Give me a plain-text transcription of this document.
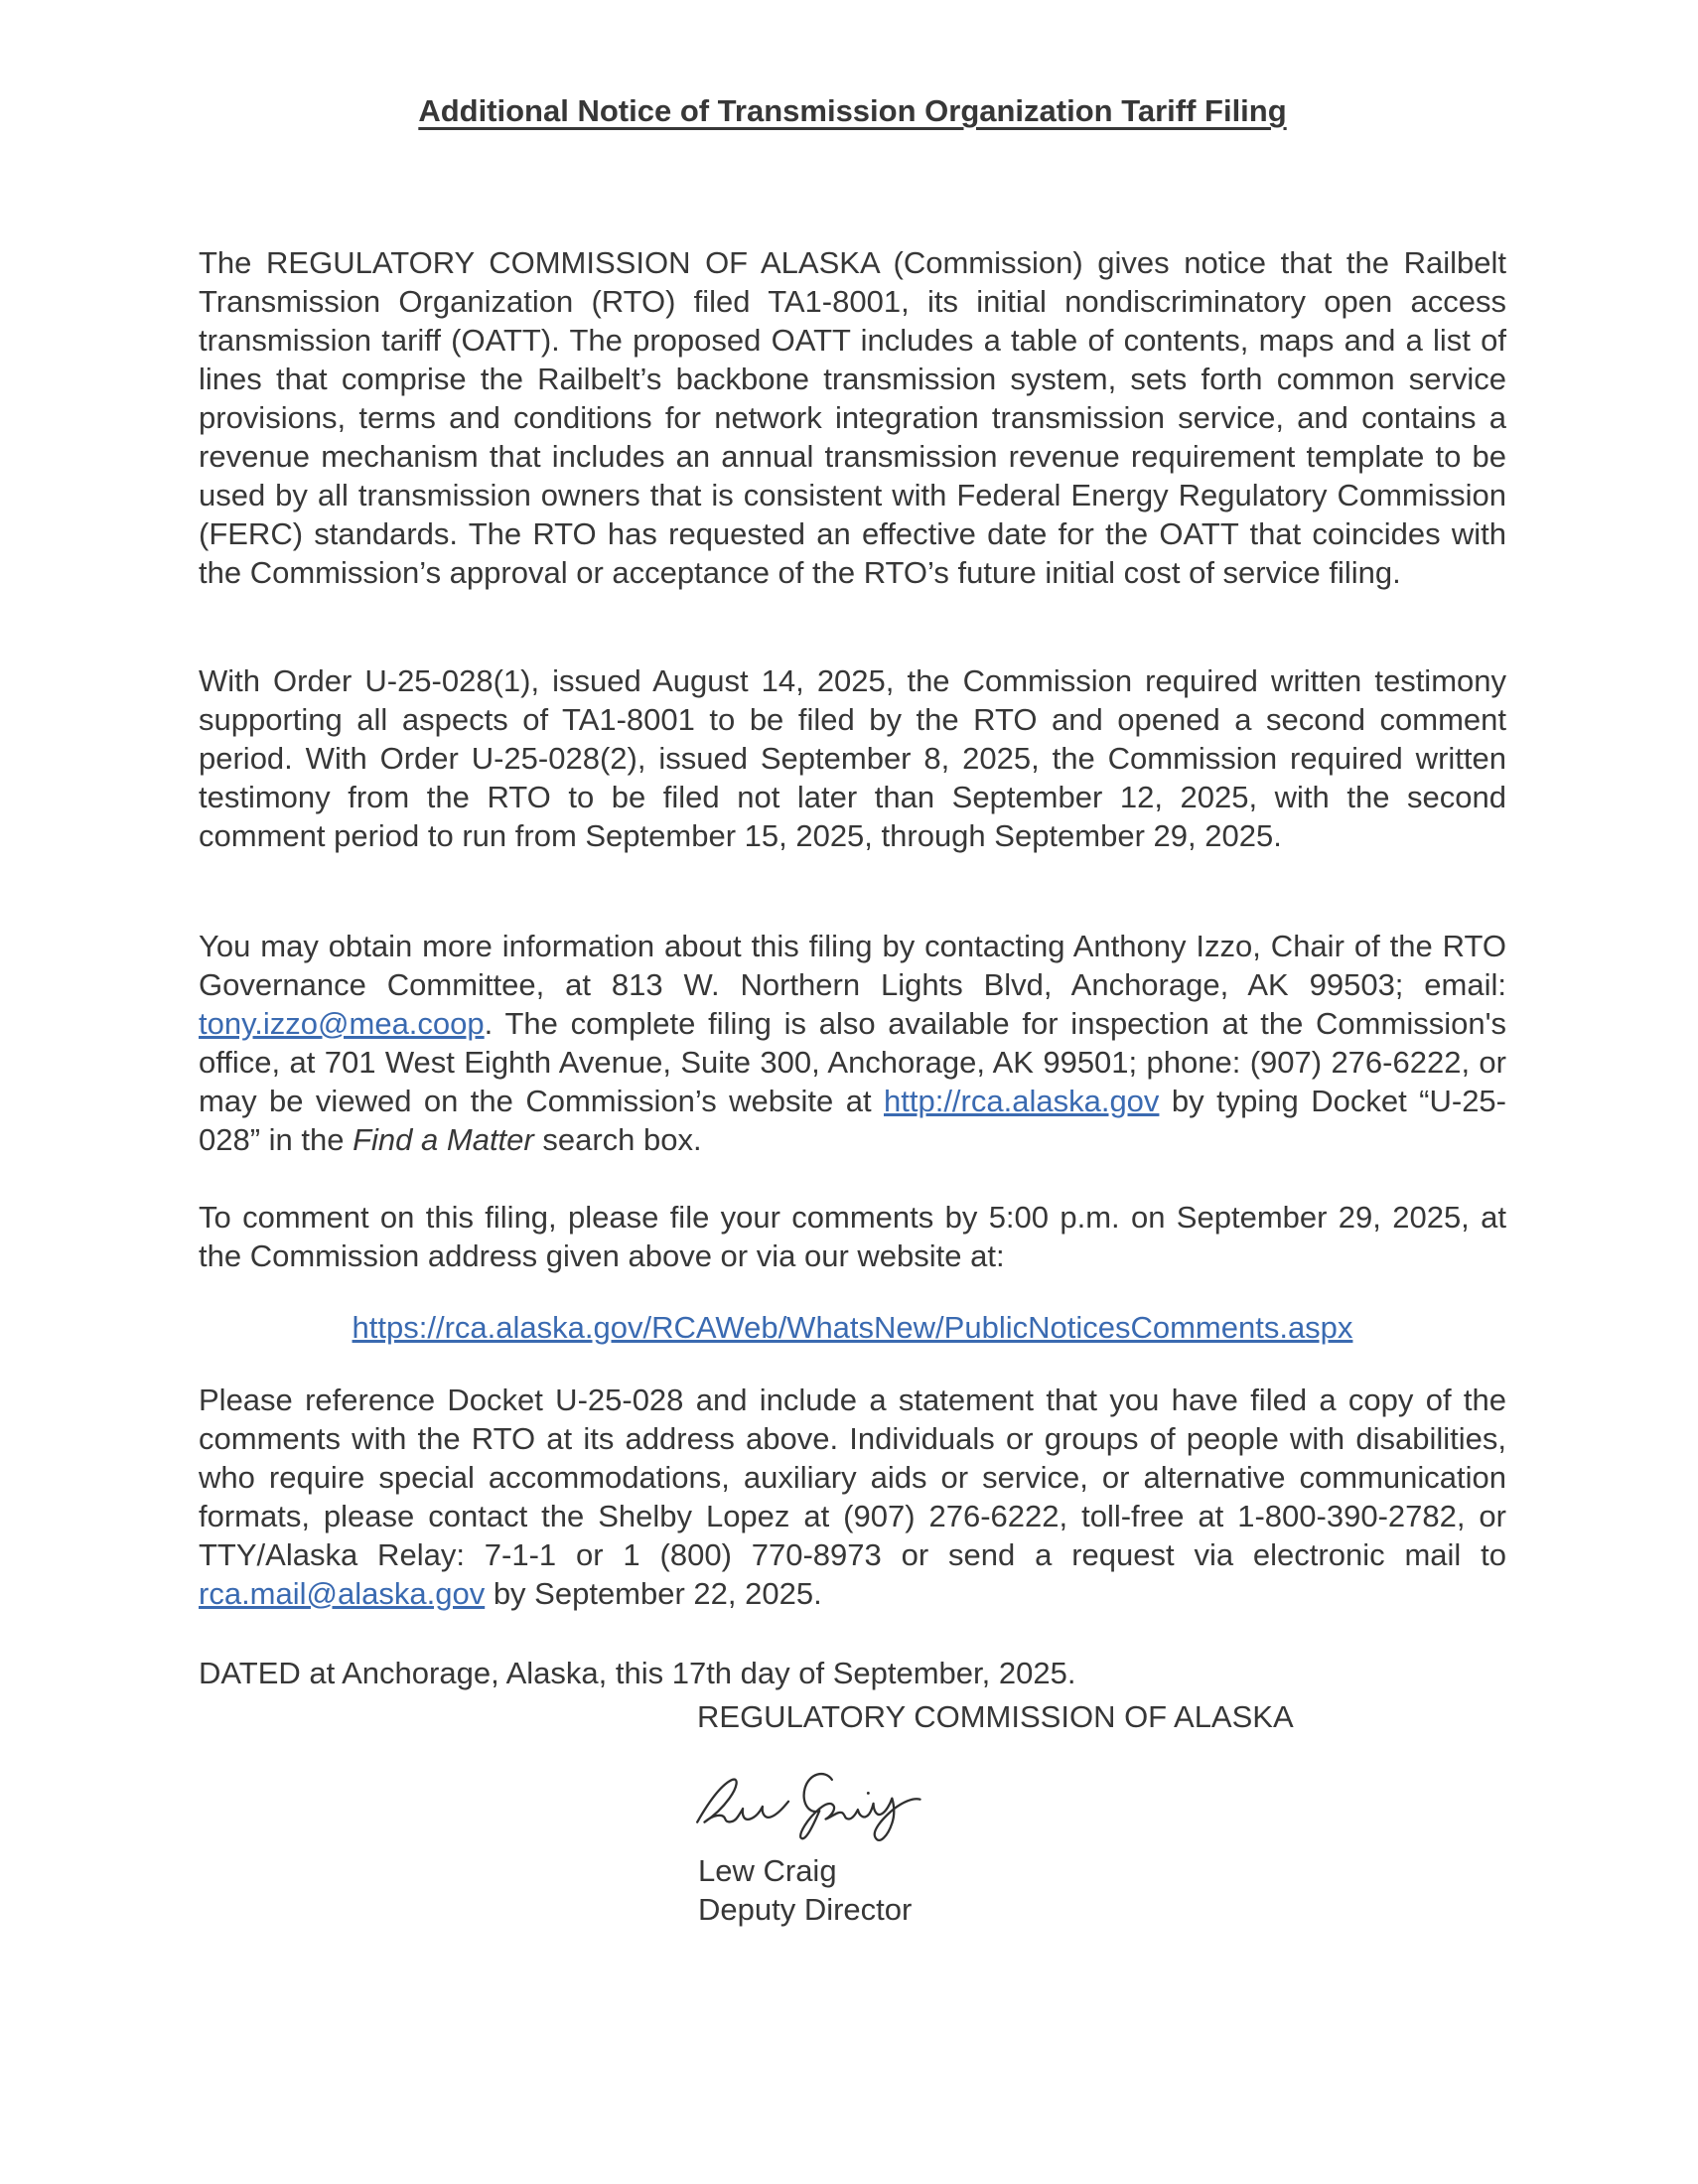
Additional Notice of Transmission Organization Tariff Filing

The REGULATORY COMMISSION OF ALASKA (Commission) gives notice that the Railbelt Transmission Organization (RTO) filed TA1-8001, its initial nondiscriminatory open access transmission tariff (OATT). The proposed OATT includes a table of contents, maps and a list of lines that comprise the Railbelt’s backbone transmission system, sets forth common service provisions, terms and conditions for network integration transmission service, and contains a revenue mechanism that includes an annual transmission revenue requirement template to be used by all transmission owners that is consistent with Federal Energy Regulatory Commission (FERC) standards. The RTO has requested an effective date for the OATT that coincides with the Commission’s approval or acceptance of the RTO’s future initial cost of service filing.

With Order U-25-028(1), issued August 14, 2025, the Commission required written testimony supporting all aspects of TA1-8001 to be filed by the RTO and opened a second comment period. With Order U-25-028(2), issued September 8, 2025, the Commission required written testimony from the RTO to be filed not later than September 12, 2025, with the second comment period to run from September 15, 2025, through September 29, 2025.

You may obtain more information about this filing by contacting Anthony Izzo, Chair of the RTO Governance Committee, at 813 W. Northern Lights Blvd, Anchorage, AK 99503; email: tony.izzo@mea.coop. The complete filing is also available for inspection at the Commission's office, at 701 West Eighth Avenue, Suite 300, Anchorage, AK 99501; phone: (907) 276-6222, or may be viewed on the Commission’s website at http://rca.alaska.gov by typing Docket “U-25-028” in the Find a Matter search box.

To comment on this filing, please file your comments by 5:00 p.m. on September 29, 2025, at the Commission address given above or via our website at:

https://rca.alaska.gov/RCAWeb/WhatsNew/PublicNoticesComments.aspx

Please reference Docket U-25-028 and include a statement that you have filed a copy of the comments with the RTO at its address above. Individuals or groups of people with disabilities, who require special accommodations, auxiliary aids or service, or alternative communication formats, please contact the Shelby Lopez at (907) 276-6222, toll-free at 1-800-390-2782, or TTY/Alaska Relay: 7-1-1 or 1 (800) 770-8973 or send a request via electronic mail to rca.mail@alaska.gov by September 22, 2025.

DATED at Anchorage, Alaska, this 17th day of September, 2025.

REGULATORY COMMISSION OF ALASKA
Lew Craig
Deputy Director
